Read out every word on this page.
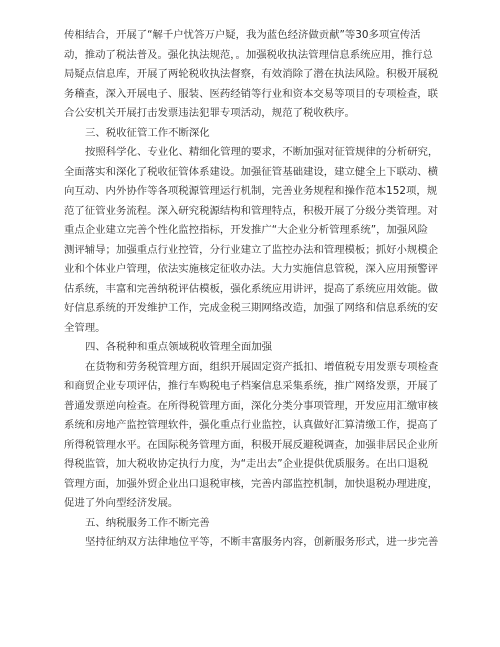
传相结合，开展了“解千户忧答万户疑，我为蓝色经济做贡献”等30多项宣传活
动，推动了税法普及。强化执法规范，。加强税收执法管理信息系统应用，推行总
局疑点信息库，开展了两轮税收执法督察，有效消除了潜在执法风险。积极开展税
务稽查，深入开展电子、服装、医药经销等行业和资本交易等项目的专项检查，联
合公安机关开展打击发票违法犯罪专项活动，规范了税收秩序。
三、税收征管工作不断深化
按照科学化、专业化、精细化管理的要求，不断加强对征管规律的分析研究，
全面落实和深化了税收征管体系建设。加强征管基础建设，建立健全上下联动、横
向互动、内外协作等各项税源管理运行机制，完善业务规程和操作范本152项，规
范了征管业务流程。深入研究税源结构和管理特点，积极开展了分级分类管理。对
重点企业建立完善个性化监控指标，开发推广“大企业分析管理系统”，加强风险
测评辅导；加强重点行业控管，分行业建立了监控办法和管理模板；抓好小规模企
业和个体业户管理，依法实施核定征收办法。大力实施信息管税，深入应用预警评
估系统，丰富和完善纳税评估模板，强化系统应用讲评，提高了系统应用效能。做
好信息系统的开发维护工作，完成金税三期网络改造，加强了网络和信息系统的安
全管理。
四、各税种和重点领域税收管理全面加强
在货物和劳务税管理方面，组织开展固定资产抵扣、增值税专用发票专项检查
和商贸企业专项评估，推行车购税电子档案信息采集系统，推广网络发票，开展了
普通发票逆向检查。在所得税管理方面，深化分类分事项管理，开发应用汇缴审核
系统和房地产监控管理软件，强化重点行业监控，认真做好汇算清缴工作，提高了
所得税管理水平。在国际税务管理方面，积极开展反避税调查，加强非居民企业所
得税监管，加大税收协定执行力度，为“走出去”企业提供优质服务。在出口退税
管理方面，加强外贸企业出口退税审核，完善内部监控机制，加快退税办理进度，
促进了外向型经济发展。
五、纳税服务工作不断完善
坚持征纳双方法律地位平等，不断丰富服务内容，创新服务形式，进一步完善
